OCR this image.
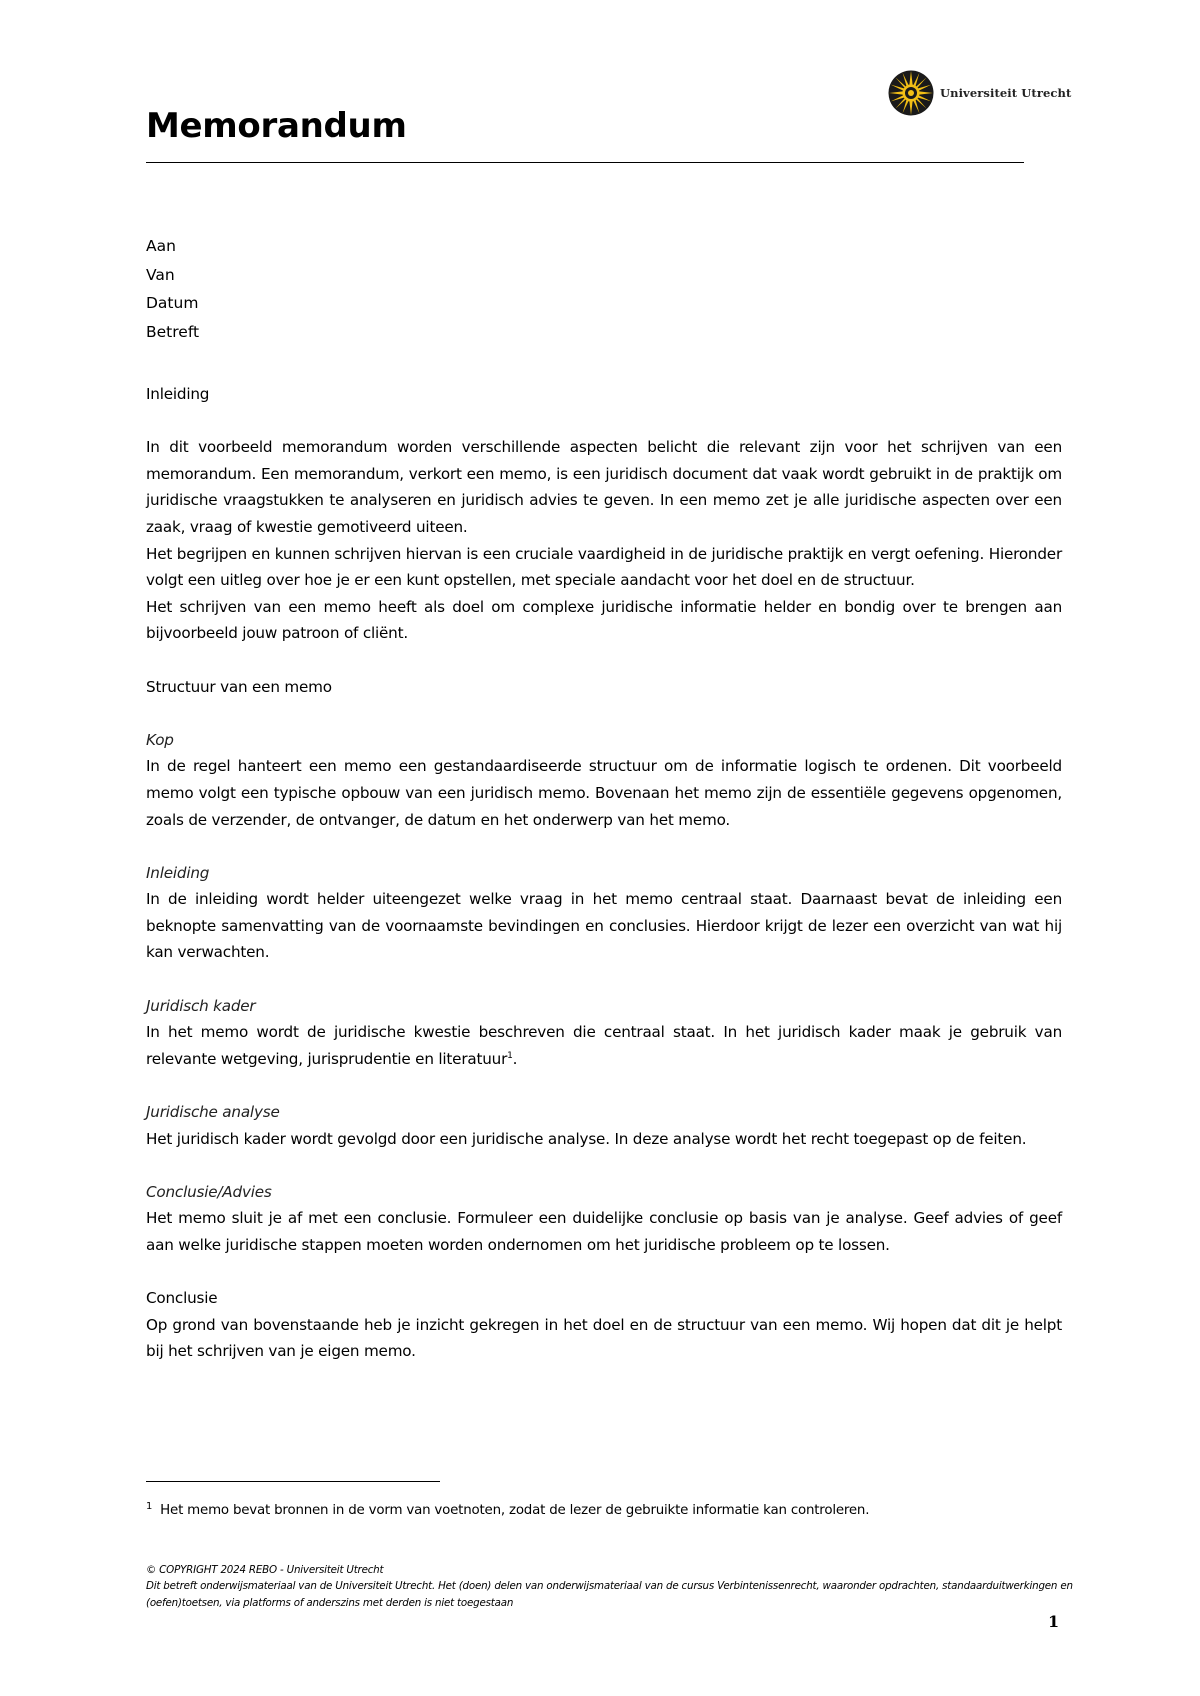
Universiteit Utrecht
Memorandum
Aan
Van
Datum
Betreft

Inleiding

In dit voorbeeld memorandum worden verschillende aspecten belicht die relevant zijn voor het schrijven van een memorandum. Een memorandum, verkort een memo, is een juridisch document dat vaak wordt gebruikt in de praktijk om juridische vraagstukken te analyseren en juridisch advies te geven. In een memo zet je alle juridische aspecten over een zaak, vraag of kwestie gemotiveerd uiteen.

Het begrijpen en kunnen schrijven hiervan is een cruciale vaardigheid in de juridische praktijk en vergt oefening. Hieronder volgt een uitleg over hoe je er een kunt opstellen, met speciale aandacht voor het doel en de structuur.

Het schrijven van een memo heeft als doel om complexe juridische informatie helder en bondig over te brengen aan bijvoorbeeld jouw patroon of cliënt.

Structuur van een memo

Kop

In de regel hanteert een memo een gestandaardiseerde structuur om de informatie logisch te ordenen. Dit voorbeeld memo volgt een typische opbouw van een juridisch memo. Bovenaan het memo zijn de essentiële gegevens opgenomen, zoals de verzender, de ontvanger, de datum en het onderwerp van het memo.

Inleiding

In de inleiding wordt helder uiteengezet welke vraag in het memo centraal staat. Daarnaast bevat de inleiding een beknopte samenvatting van de voornaamste bevindingen en conclusies. Hierdoor krijgt de lezer een overzicht van wat hij kan verwachten.

Juridisch kader

In het memo wordt de juridische kwestie beschreven die centraal staat. In het juridisch kader maak je gebruik van relevante wetgeving, jurisprudentie en literatuur$^1$.

Juridische analyse

Het juridisch kader wordt gevolgd door een juridische analyse. In deze analyse wordt het recht toegepast op de feiten.

Conclusie/Advies

Het memo sluit je af met een conclusie. Formuleer een duidelijke conclusie op basis van je analyse. Geef advies of geef aan welke juridische stappen moeten worden ondernomen om het juridische probleem op te lossen.

Conclusie

Op grond van bovenstaande heb je inzicht gekregen in het doel en de structuur van een memo. Wij hopen dat dit je helpt bij het schrijven van je eigen memo.

$^1$ Het memo bevat bronnen in de vorm van voetnoten, zodat de lezer de gebruikte informatie kan controleren.

© COPYRIGHT 2024 REBO - Universiteit Utrecht

Dit betreft onderwijsmateriaal van de Universiteit Utrecht. Het (doen) delen van onderwijsmateriaal van de cursus Verbintenissenrecht, waaronder opdrachten, standaarduitwerkingen en (oefen)toetsen, via platforms of anderszins met derden is niet toegestaan

1
